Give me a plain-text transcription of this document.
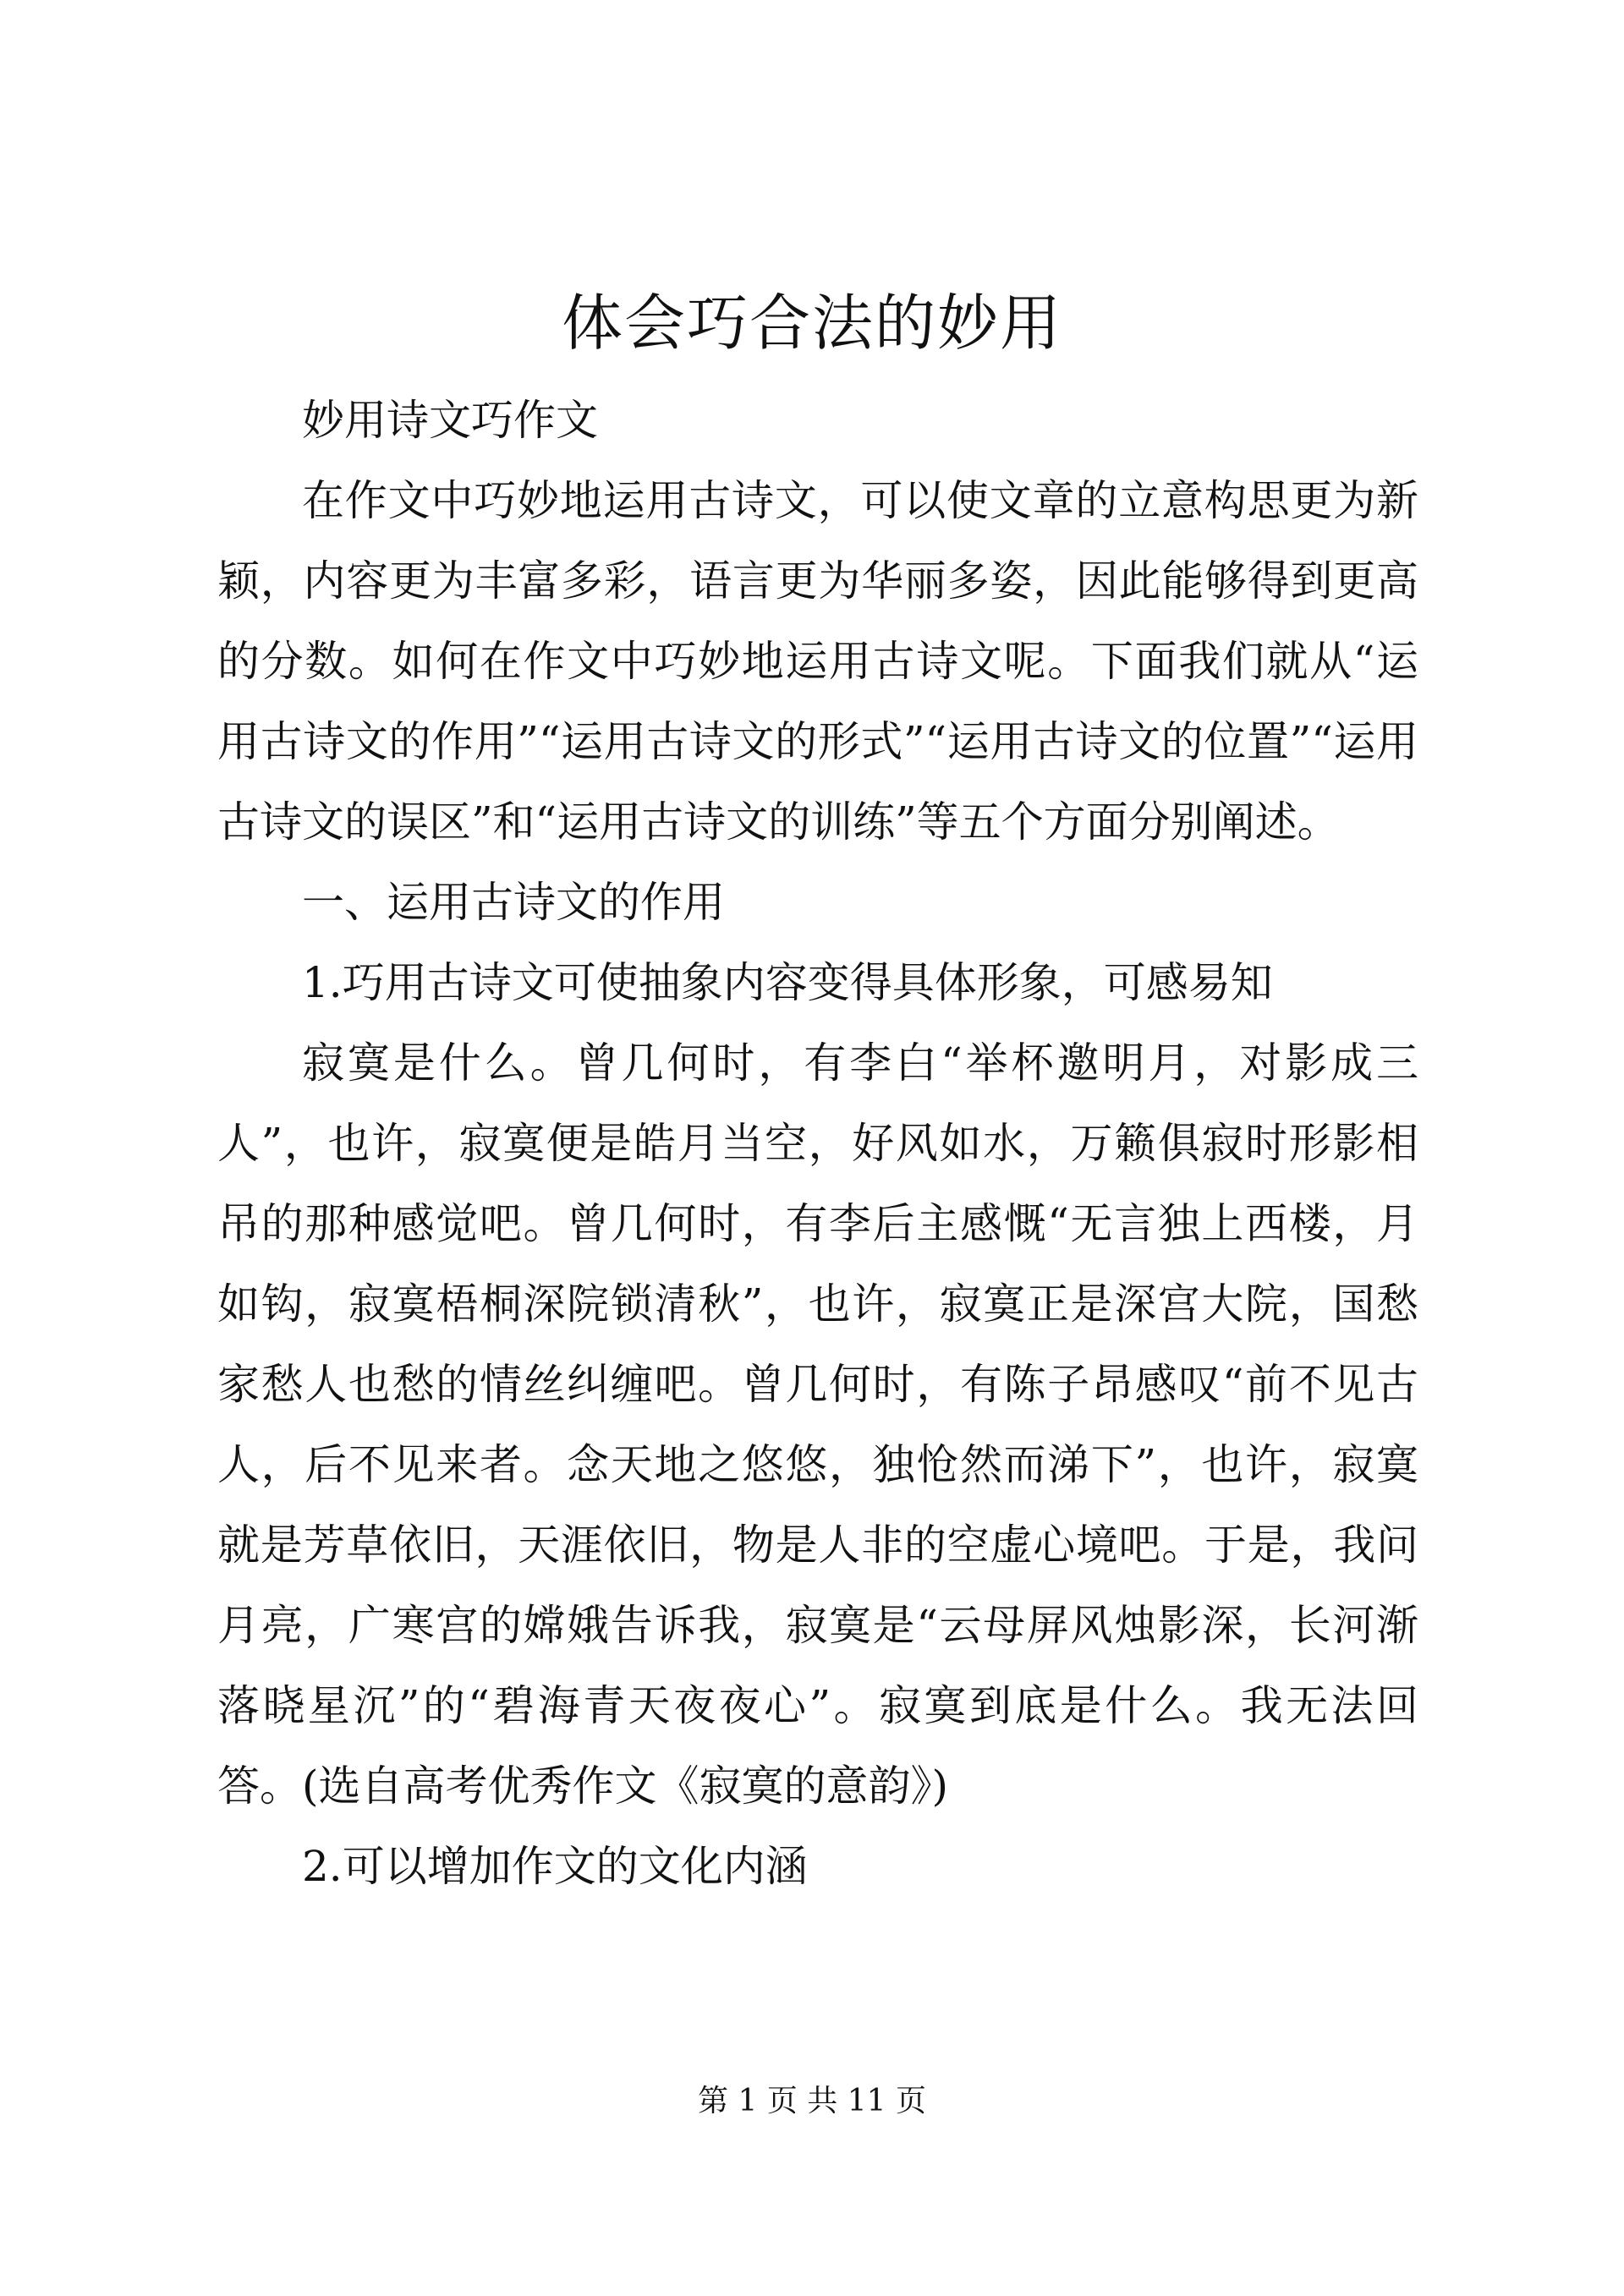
体会巧合法的妙用

妙用诗文巧作文

在作文中巧妙地运用古诗文，可以使文章的立意构思更为新颖，内容更为丰富多彩，语言更为华丽多姿，因此能够得到更高的分数。如何在作文中巧妙地运用古诗文呢。下面我们就从“运用古诗文的作用”“运用古诗文的形式”“运用古诗文的位置”“运用古诗文的误区”和“运用古诗文的训练”等五个方面分别阐述。

一、运用古诗文的作用

1.巧用古诗文可使抽象内容变得具体形象，可感易知

寂寞是什么。曾几何时，有李白“举杯邀明月，对影成三人”，也许，寂寞便是皓月当空，好风如水，万籁俱寂时形影相吊的那种感觉吧。曾几何时，有李后主感慨“无言独上西楼，月如钩，寂寞梧桐深院锁清秋”，也许，寂寞正是深宫大院，国愁家愁人也愁的情丝纠缠吧。曾几何时，有陈子昂感叹“前不见古人，后不见来者。念天地之悠悠，独怆然而涕下”，也许，寂寞就是芳草依旧，天涯依旧，物是人非的空虚心境吧。于是，我问月亮，广寒宫的嫦娥告诉我，寂寞是“云母屏风烛影深，长河渐落晓星沉”的“碧海青天夜夜心”。寂寞到底是什么。我无法回答。(选自高考优秀作文《寂寞的意韵》)

2.可以增加作文的文化内涵

第 1 页 共 11 页
